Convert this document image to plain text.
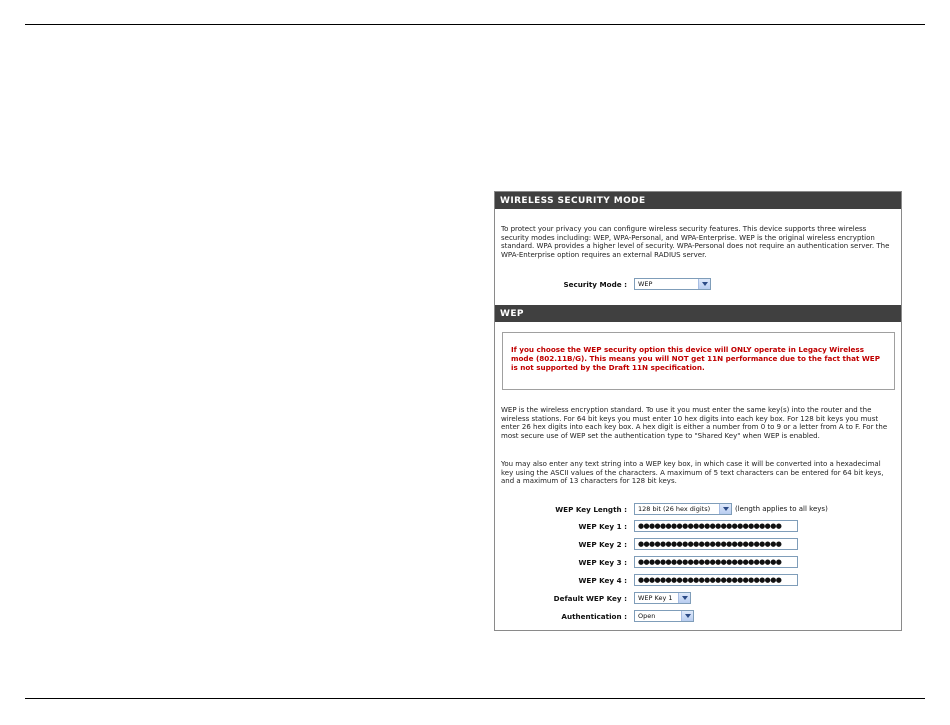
WIRELESS SECURITY MODE
To protect your privacy you can configure wireless security features. This device supports three wireless security modes including: WEP, WPA-Personal, and WPA-Enterprise. WEP is the original wireless encryption standard. WPA provides a higher level of security. WPA-Personal does not require an authentication server. The WPA-Enterprise option requires an external RADIUS server.
Security Mode :	WEP
WEP
If you choose the WEP security option this device will ONLY operate in Legacy Wireless mode (802.11B/G). This means you will NOT get 11N performance due to the fact that WEP is not supported by the Draft 11N specification.
WEP is the wireless encryption standard. To use it you must enter the same key(s) into the router and the wireless stations. For 64 bit keys you must enter 10 hex digits into each key box. For 128 bit keys you must enter 26 hex digits into each key box. A hex digit is either a number from 0 to 9 or a letter from A to F. For the most secure use of WEP set the authentication type to "Shared Key" when WEP is enabled.
You may also enter any text string into a WEP key box, in which case it will be converted into a hexadecimal key using the ASCII values of the characters. A maximum of 5 text characters can be entered for 64 bit keys, and a maximum of 13 characters for 128 bit keys.
WEP Key Length :	128 bit (26 hex digits)	(length applies to all keys)
WEP Key 1 :	●●●●●●●●●●●●●●●●●●●●●●●●●●
WEP Key 2 :	●●●●●●●●●●●●●●●●●●●●●●●●●●
WEP Key 3 :	●●●●●●●●●●●●●●●●●●●●●●●●●●
WEP Key 4 :	●●●●●●●●●●●●●●●●●●●●●●●●●●
Default WEP Key :	WEP Key 1
Authentication :	Open
